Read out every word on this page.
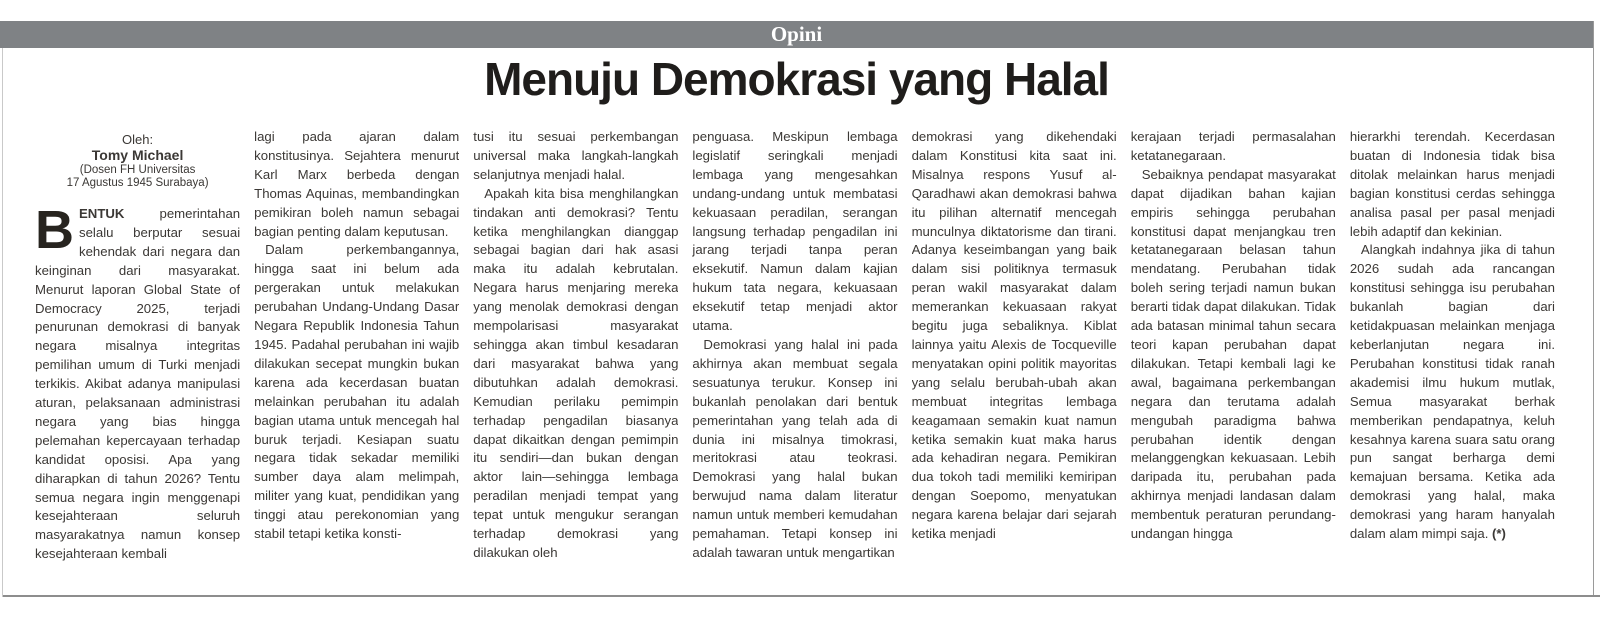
Opini
Menuju Demokrasi yang Halal
Oleh:
Tomy Michael
(Dosen FH Universitas
17 Agustus 1945 Surabaya)

BENTUK pemerintahan selalu berputar sesuai kehendak dari negara dan keinginan dari masyarakat. Menurut laporan Global State of Democracy 2025, terjadi penurunan demokrasi di banyak negara misalnya integritas pemilihan umum di Turki menjadi terkikis. Akibat adanya manipulasi aturan, pelaksanaan administrasi negara yang bias hingga pelemahan kepercayaan terhadap kandidat oposisi. Apa yang diharapkan di tahun 2026? Tentu semua negara ingin menggenapi kesejahteraan seluruh masyarakatnya namun konsep kesejahteraan kembali

lagi pada ajaran dalam konstitusinya. Sejahtera menurut Karl Marx berbeda dengan Thomas Aquinas, membandingkan pemikiran boleh namun sebagai bagian penting dalam keputusan.

Dalam perkembangannya, hingga saat ini belum ada pergerakan untuk melakukan perubahan Undang-Undang Dasar Negara Republik Indonesia Tahun 1945. Padahal perubahan ini wajib dilakukan secepat mungkin bukan karena ada kecerdasan buatan melainkan perubahan itu adalah bagian utama untuk mencegah hal buruk terjadi. Kesiapan suatu negara tidak sekadar memiliki sumber daya alam melimpah, militer yang kuat, pendidikan yang tinggi atau perekonomian yang stabil tetapi ketika konsti-

tusi itu sesuai perkembangan universal maka langkah-langkah selanjutnya menjadi halal.

Apakah kita bisa menghilangkan tindakan anti demokrasi? Tentu ketika menghilangkan dianggap sebagai bagian dari hak asasi maka itu adalah kebrutalan. Negara harus menjaring mereka yang menolak demokrasi dengan mempolarisasi masyarakat sehingga akan timbul kesadaran dari masyarakat bahwa yang dibutuhkan adalah demokrasi. Kemudian perilaku pemimpin terhadap pengadilan biasanya dapat dikaitkan dengan pemimpin itu sendiri—dan bukan dengan aktor lain—sehingga lembaga peradilan menjadi tempat yang tepat untuk mengukur serangan terhadap demokrasi yang dilakukan oleh

penguasa. Meskipun lembaga legislatif seringkali menjadi lembaga yang mengesahkan undang-undang untuk membatasi kekuasaan peradilan, serangan langsung terhadap pengadilan ini jarang terjadi tanpa peran eksekutif. Namun dalam kajian hukum tata negara, kekuasaan eksekutif tetap menjadi aktor utama.

Demokrasi yang halal ini pada akhirnya akan membuat segala sesuatunya terukur. Konsep ini bukanlah penolakan dari bentuk pemerintahan yang telah ada di dunia ini misalnya timokrasi, meritokrasi atau teokrasi. Demokrasi yang halal bukan berwujud nama dalam literatur namun untuk memberi kemudahan pemahaman. Tetapi konsep ini adalah tawaran untuk mengartikan

demokrasi yang dikehendaki dalam Konstitusi kita saat ini. Misalnya respons Yusuf al-Qaradhawi akan demokrasi bahwa itu pilihan alternatif mencegah munculnya diktatorisme dan tirani. Adanya keseimbangan yang baik dalam sisi politiknya termasuk peran wakil masyarakat dalam memerankan kekuasaan rakyat begitu juga sebaliknya. Kiblat lainnya yaitu Alexis de Tocqueville menyatakan opini politik mayoritas yang selalu berubah-ubah akan membuat integritas lembaga keagamaan semakin kuat namun ketika semakin kuat maka harus ada kehadiran negara. Pemikiran dua tokoh tadi memiliki kemiripan dengan Soepomo, menyatukan negara karena belajar dari sejarah ketika menjadi

kerajaan terjadi permasalahan ketatanegaraan.

Sebaiknya pendapat masyarakat dapat dijadikan bahan kajian empiris sehingga perubahan konstitusi dapat menjangkau tren ketatanegaraan belasan tahun mendatang. Perubahan tidak boleh sering terjadi namun bukan berarti tidak dapat dilakukan. Tidak ada batasan minimal tahun secara teori kapan perubahan dapat dilakukan. Tetapi kembali lagi ke awal, bagaimana perkembangan negara dan terutama adalah mengubah paradigma bahwa perubahan identik dengan melanggengkan kekuasaan. Lebih daripada itu, perubahan pada akhirnya menjadi landasan dalam membentuk peraturan perundang-undangan hingga

hierarkhi terendah. Kecerdasan buatan di Indonesia tidak bisa ditolak melainkan harus menjadi bagian konstitusi cerdas sehingga analisa pasal per pasal menjadi lebih adaptif dan kekinian.

Alangkah indahnya jika di tahun 2026 sudah ada rancangan konstitusi sehingga isu perubahan bukanlah bagian dari ketidakpuasan melainkan menjaga keberlanjutan negara ini. Perubahan konstitusi tidak ranah akademisi ilmu hukum mutlak, Semua masyarakat berhak memberikan pendapatnya, keluh kesahnya karena suara satu orang pun sangat berharga demi kemajuan bersama. Ketika ada demokrasi yang halal, maka demokrasi yang haram hanyalah dalam alam mimpi saja. (*)
